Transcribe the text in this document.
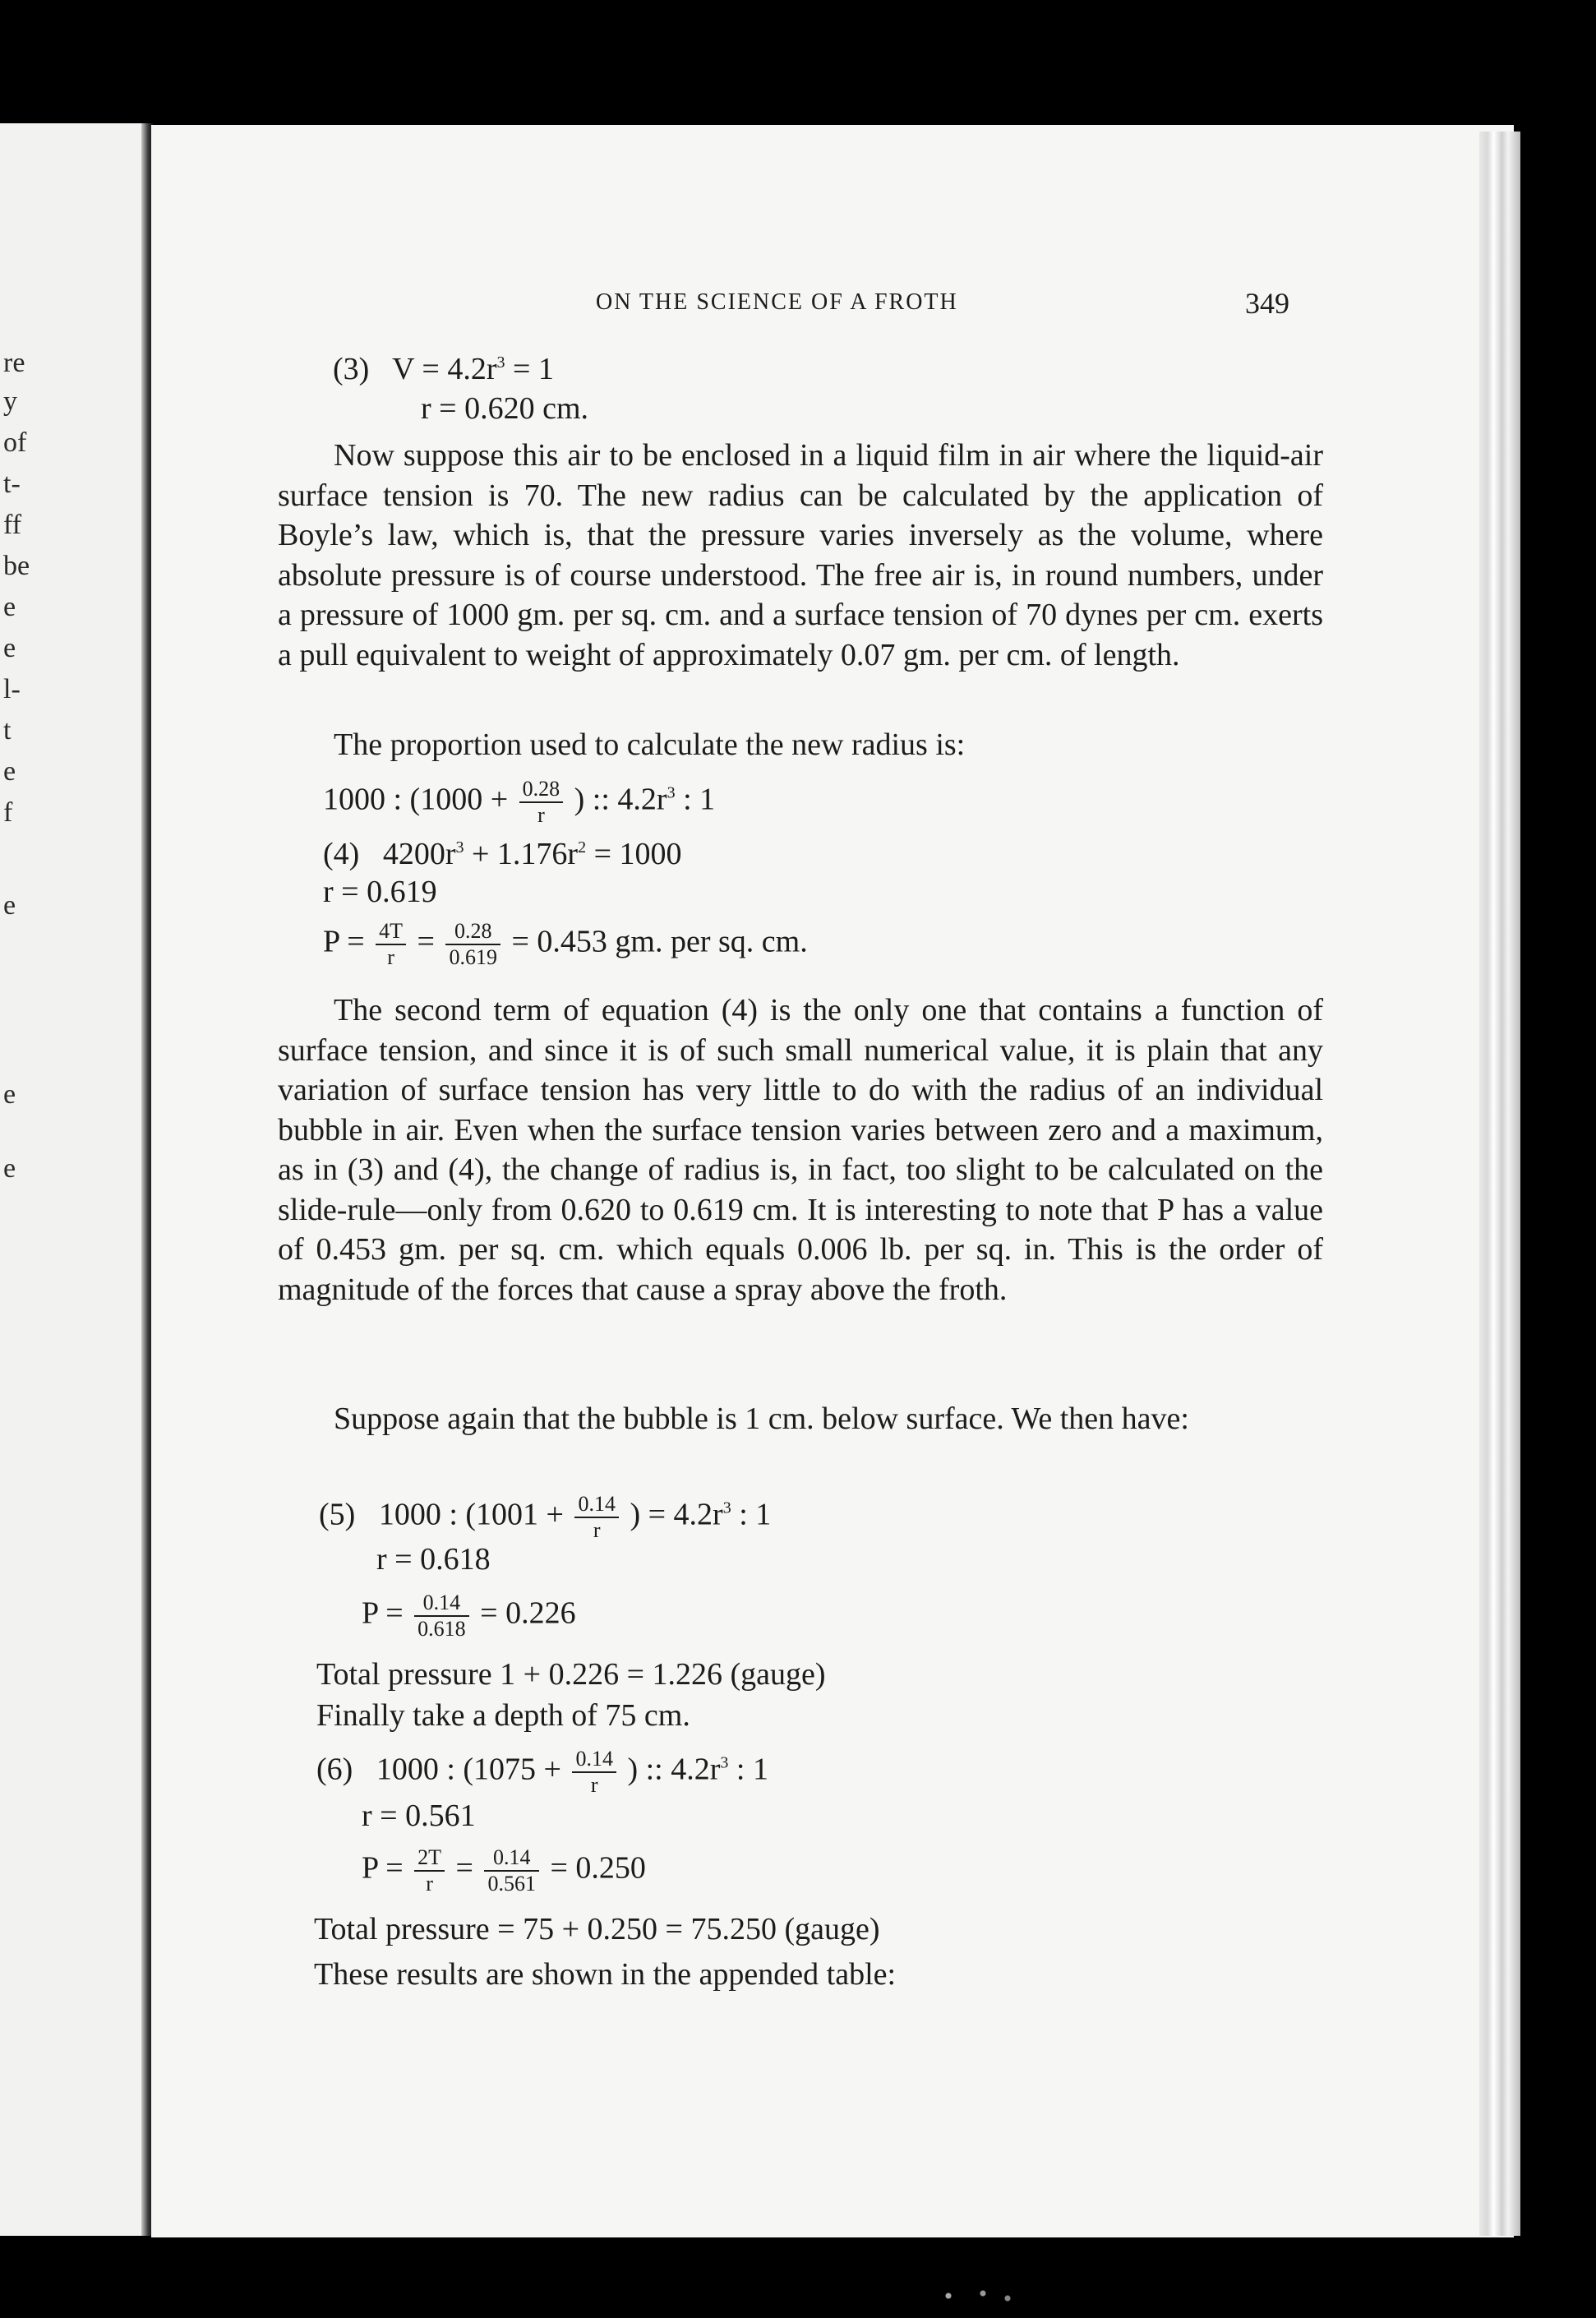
re
y
of
t-
ff
be
e
e
l-
t
e
f
e
e
e
ON THE SCIENCE OF A FROTH	349
(3) $V = 4.2r^3 = 1$
r = 0.620 cm.
Now suppose this air to be enclosed in a liquid film in air where the liquid-air surface tension is 70. The new radius can be calculated by the application of Boyle’s law, which is, that the pressure varies inversely as the volume, where absolute pressure is of course understood. The free air is, in round numbers, under a pressure of 1000 gm. per sq. cm. and a surface tension of 70 dynes per cm. exerts a pull equivalent to weight of approximately 0.07 gm. per cm. of length.
The proportion used to calculate the new radius is:
1000 : ($1000 + \frac{0.28}{r}$ ) :: $4.2r^3$ : 1
(4) $4200r^3 + 1.176r^2 = 1000$
r = 0.619
$P = \frac{4T}{r} = \frac{0.28}{0.619} = 0.453$ gm. per sq. cm.
The second term of equation (4) is the only one that contains a function of surface tension, and since it is of such small numerical value, it is plain that any variation of surface tension has very little to do with the radius of an individual bubble in air. Even when the surface tension varies between zero and a maximum, as in (3) and (4), the change of radius is, in fact, too slight to be calculated on the slide-rule—only from 0.620 to 0.619 cm. It is interesting to note that P has a value of 0.453 gm. per sq. cm. which equals 0.006 lb. per sq. in. This is the order of magnitude of the forces that cause a spray above the froth.
Suppose again that the bubble is 1 cm. below surface. We then have:
(5) 1000 : ($1001 + \frac{0.14}{r}$ ) = $4.2r^3$ : 1
r = 0.618
$P = \frac{0.14}{0.618} = 0.226$
Total pressure 1 + 0.226 = 1.226 (gauge)
Finally take a depth of 75 cm.
(6) 1000 : ($1075 + \frac{0.14}{r}$ ) :: $4.2r^3$ : 1
r = 0.561
$P = \frac{2T}{r} = \frac{0.14}{0.561} = 0.250$
Total pressure = 75 + 0.250 = 75.250 (gauge)
These results are shown in the appended table:
